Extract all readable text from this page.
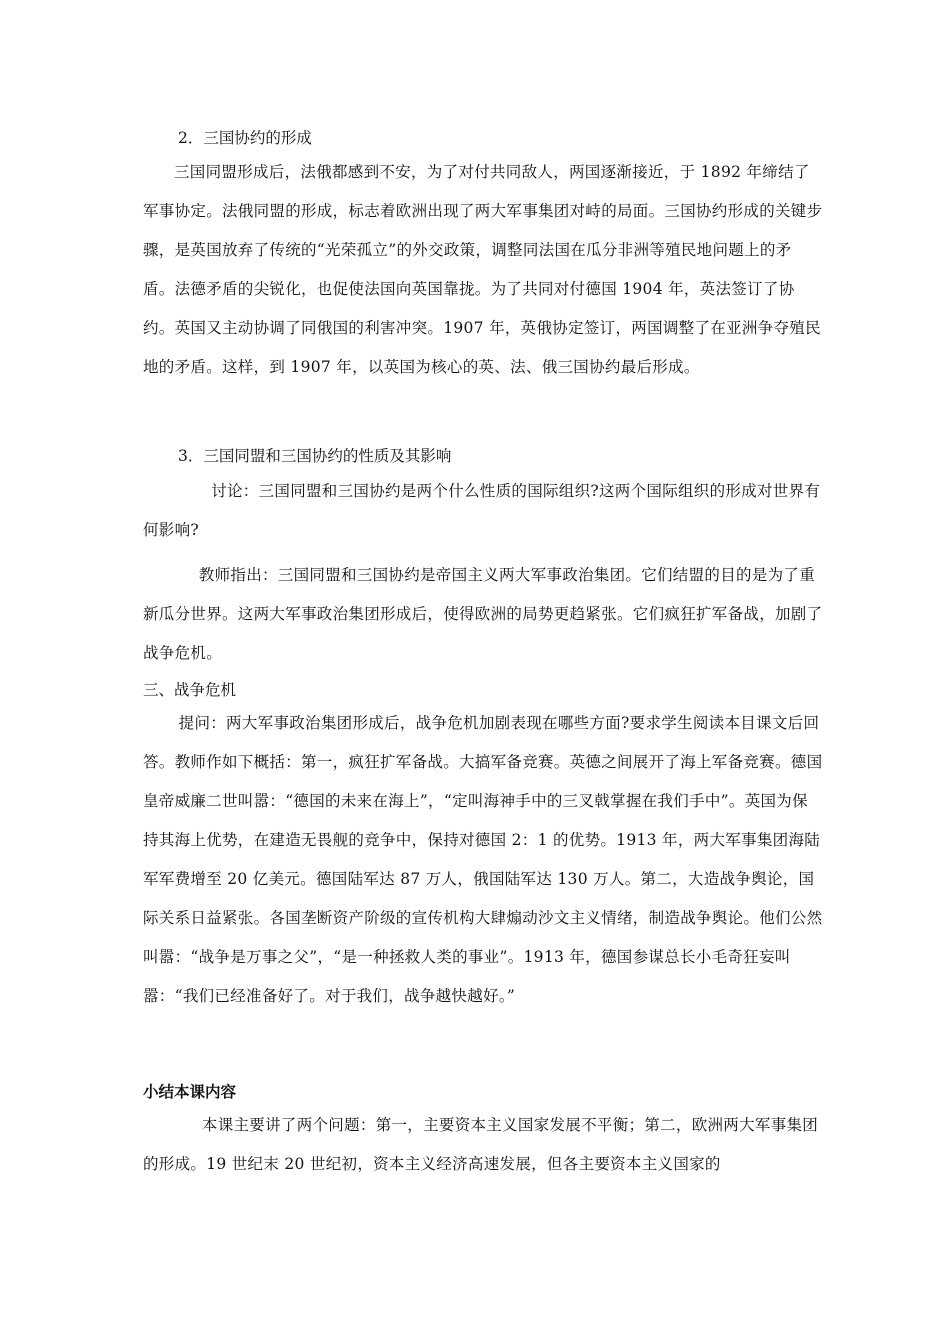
2．三国协约的形成

三国同盟形成后，法俄都感到不安，为了对付共同敌人，两国逐渐接近，于 1892 年缔结了军事协定。法俄同盟的形成，标志着欧洲出现了两大军事集团对峙的局面。三国协约形成的关键步骤，是英国放弃了传统的“光荣孤立”的外交政策，调整同法国在瓜分非洲等殖民地问题上的矛盾。法德矛盾的尖锐化，也促使法国向英国靠拢。为了共同对付德国 1904 年，英法签订了协约。英国又主动协调了同俄国的利害冲突。1907 年，英俄协定签订，两国调整了在亚洲争夺殖民地的矛盾。这样，到 1907 年，以英国为核心的英、法、俄三国协约最后形成。

3．三国同盟和三国协约的性质及其影响

讨论：三国同盟和三国协约是两个什么性质的国际组织?这两个国际组织的形成对世界有何影响?

教师指出：三国同盟和三国协约是帝国主义两大军事政治集团。它们结盟的目的是为了重新瓜分世界。这两大军事政治集团形成后，使得欧洲的局势更趋紧张。它们疯狂扩军备战，加剧了战争危机。

三、战争危机

提问：两大军事政治集团形成后，战争危机加剧表现在哪些方面?要求学生阅读本目课文后回答。教师作如下概括：第一，疯狂扩军备战。大搞军备竞赛。英德之间展开了海上军备竞赛。德国皇帝威廉二世叫嚣：“德国的未来在海上”，“定叫海神手中的三叉戟掌握在我们手中”。英国为保持其海上优势，在建造无畏舰的竞争中，保持对德国 2：1 的优势。1913 年，两大军事集团海陆军军费增至 20 亿美元。德国陆军达 87 万人，俄国陆军达 130 万人。第二，大造战争舆论，国际关系日益紧张。各国垄断资产阶级的宣传机构大肆煽动沙文主义情绪，制造战争舆论。他们公然叫嚣：“战争是万事之父”，“是一种拯救人类的事业”。1913 年，德国参谋总长小毛奇狂妄叫嚣：“我们已经准备好了。对于我们，战争越快越好。”

小结本课内容

本课主要讲了两个问题：第一，主要资本主义国家发展不平衡；第二，欧洲两大军事集团的形成。19 世纪末 20 世纪初，资本主义经济高速发展，但各主要资本主义国家的
